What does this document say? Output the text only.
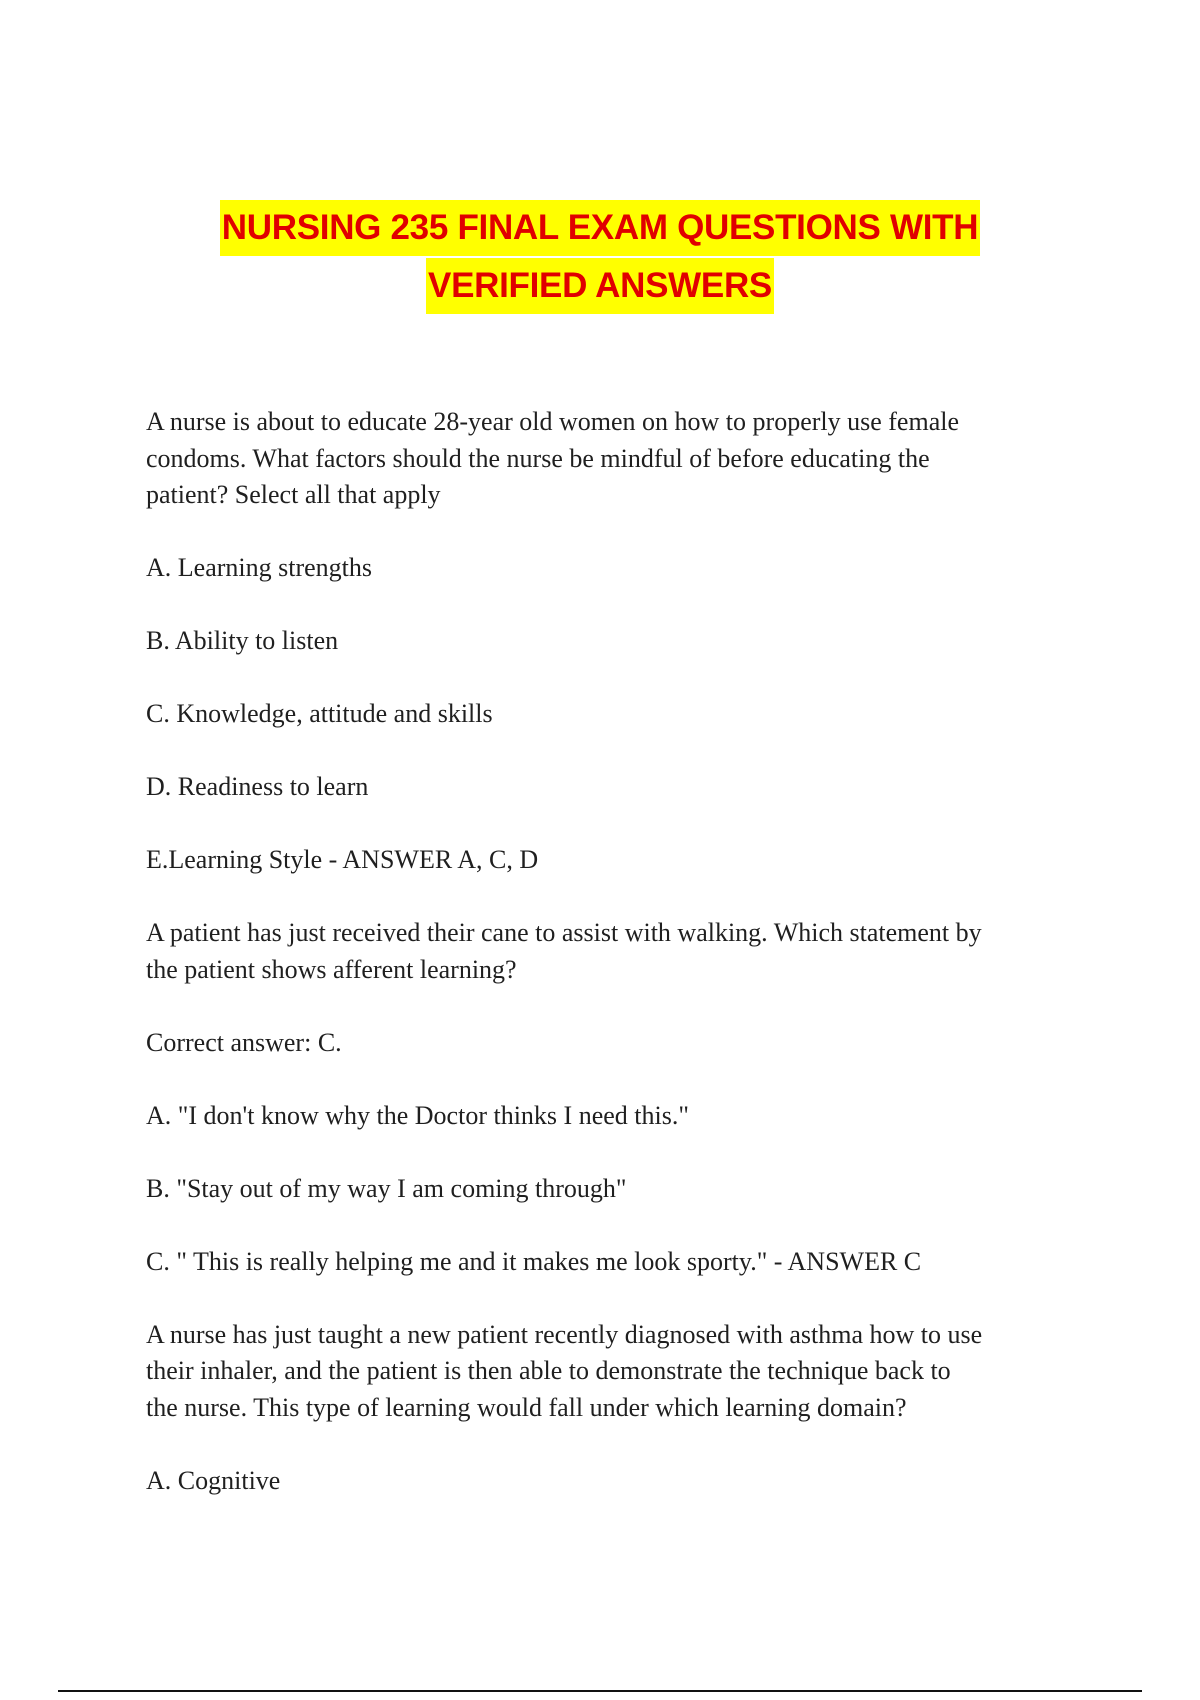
NURSING 235 FINAL EXAM QUESTIONS WITH
VERIFIED ANSWERS

A nurse is about to educate 28-year old women on how to properly use female

condoms. What factors should the nurse be mindful of before educating the

patient? Select all that apply

A. Learning strengths

B. Ability to listen

C. Knowledge, attitude and skills

D. Readiness to learn

E.Learning Style - ANSWER A, C, D

A patient has just received their cane to assist with walking. Which statement by

the patient shows afferent learning?

Correct answer: C.

A. "I don't know why the Doctor thinks I need this."

B. "Stay out of my way I am coming through"

C. " This is really helping me and it makes me look sporty." - ANSWER C

A nurse has just taught a new patient recently diagnosed with asthma how to use

their inhaler, and the patient is then able to demonstrate the technique back to

the nurse. This type of learning would fall under which learning domain?

A. Cognitive
